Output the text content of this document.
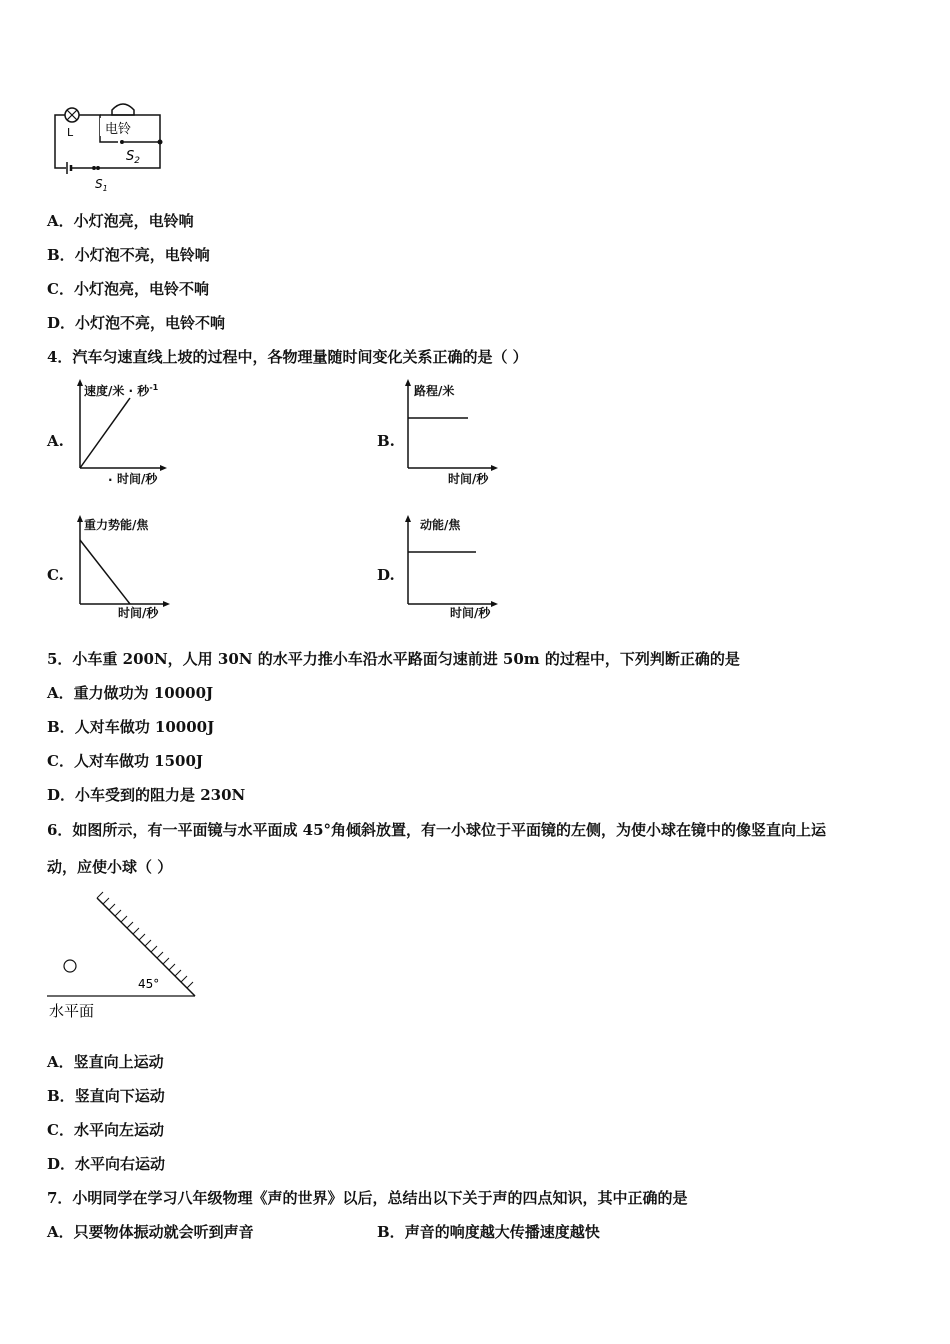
L 电铃
$S_2$
$S_1$
A．小灯泡亮，电铃响
B．小灯泡不亮，电铃响
C．小灯泡亮，电铃不响
D．小灯泡不亮，电铃不响
4．汽车匀速直线上坡的过程中，各物理量随时间变化关系正确的是（ ）
A.
速度/米 · 秒$^{-1}$
. 时间/秒
B.
路程/米
时间/秒
C.
重力势能/焦
时间/秒
D.
动能/焦
时间/秒
5．小车重 200N，人用 30N 的水平力推小车沿水平路面匀速前进 50m 的过程中，下列判断正确的是
A．重力做功为 10000J
B．人对车做功 10000J
C．人对车做功 1500J
D．小车受到的阻力是 230N
6．如图所示，有一平面镜与水平面成 45°角倾斜放置，有一小球位于平面镜的左侧，为使小球在镜中的像竖直向上运
动，应使小球（ ）
45°
水平面
A．竖直向上运动
B．竖直向下运动
C．水平向左运动
D．水平向右运动
7．小明同学在学习八年级物理《声的世界》以后，总结出以下关于声的四点知识，其中正确的是
A．只要物体振动就会听到声音	B．声音的响度越大传播速度越快
